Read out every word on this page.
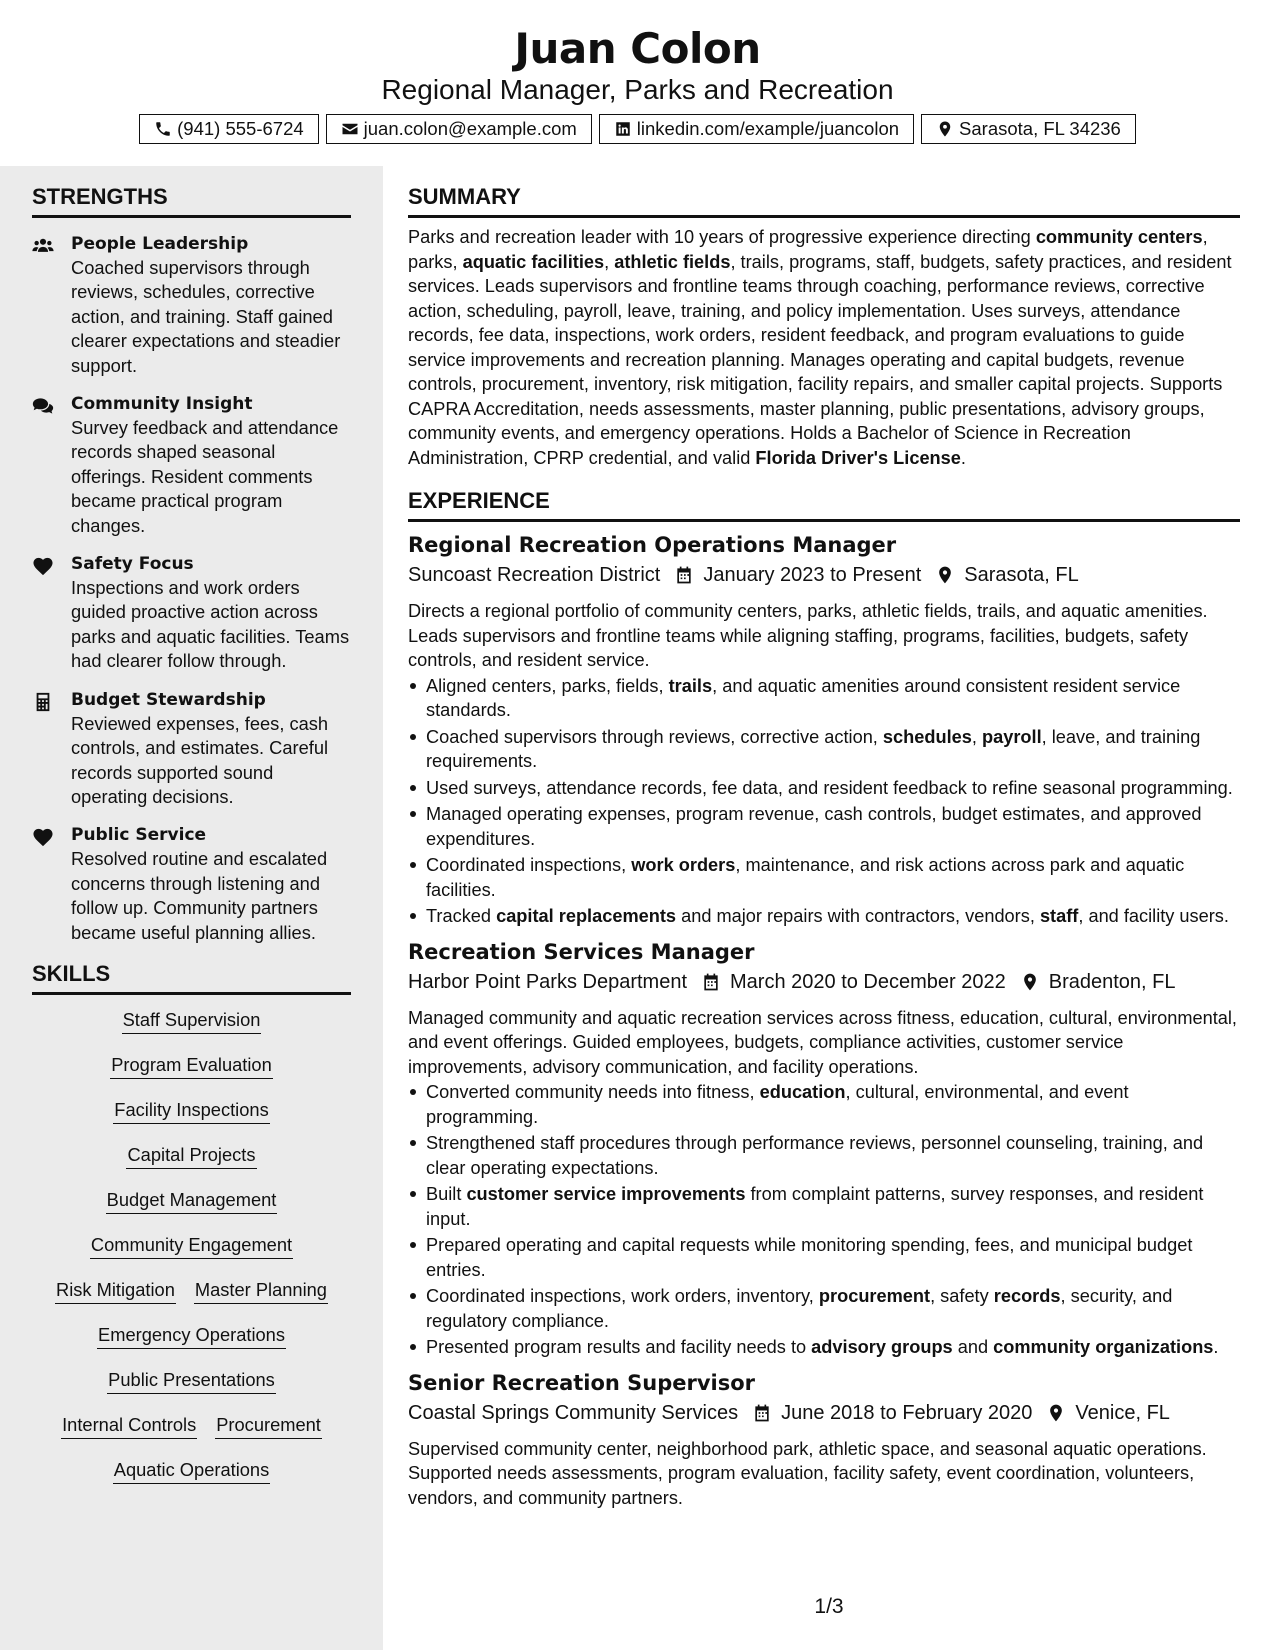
Juan Colon
Regional Manager, Parks and Recreation
(941) 555-6724	juan.colon@example.com	linkedin.com/example/juancolon	Sarasota, FL 34236
STRENGTHS
People Leadership
Coached supervisors through reviews, schedules, corrective action, and training. Staff gained clearer expectations and steadier support.
Community Insight
Survey feedback and attendance records shaped seasonal offerings. Resident comments became practical program changes.
Safety Focus
Inspections and work orders guided proactive action across parks and aquatic facilities. Teams had clearer follow through.
Budget Stewardship
Reviewed expenses, fees, cash controls, and estimates. Careful records supported sound operating decisions.
Public Service
Resolved routine and escalated concerns through listening and follow up. Community partners became useful planning allies.
SKILLS
Staff Supervision
Program Evaluation
Facility Inspections
Capital Projects
Budget Management
Community Engagement
Risk Mitigation Master Planning
Emergency Operations
Public Presentations
Internal Controls Procurement
Aquatic Operations
SUMMARY
Parks and recreation leader with 10 years of progressive experience directing community centers, parks, aquatic facilities, athletic fields, trails, programs, staff, budgets, safety practices, and resident services. Leads supervisors and frontline teams through coaching, performance reviews, corrective action, scheduling, payroll, leave, training, and policy implementation. Uses surveys, attendance records, fee data, inspections, work orders, resident feedback, and program evaluations to guide service improvements and recreation planning. Manages operating and capital budgets, revenue controls, procurement, inventory, risk mitigation, facility repairs, and smaller capital projects. Supports CAPRA Accreditation, needs assessments, master planning, public presentations, advisory groups, community events, and emergency operations. Holds a Bachelor of Science in Recreation Administration, CPRP credential, and valid Florida Driver's License.
EXPERIENCE
Regional Recreation Operations Manager
Suncoast Recreation District January 2023 to Present Sarasota, FL
Directs a regional portfolio of community centers, parks, athletic fields, trails, and aquatic amenities. Leads supervisors and frontline teams while aligning staffing, programs, facilities, budgets, safety controls, and resident service.
Aligned centers, parks, fields, trails, and aquatic amenities around consistent resident service standards.
Coached supervisors through reviews, corrective action, schedules, payroll, leave, and training requirements.
Used surveys, attendance records, fee data, and resident feedback to refine seasonal programming.
Managed operating expenses, program revenue, cash controls, budget estimates, and approved expenditures.
Coordinated inspections, work orders, maintenance, and risk actions across park and aquatic facilities.
Tracked capital replacements and major repairs with contractors, vendors, staff, and facility users.
Recreation Services Manager
Harbor Point Parks Department March 2020 to December 2022 Bradenton, FL
Managed community and aquatic recreation services across fitness, education, cultural, environmental, and event offerings. Guided employees, budgets, compliance activities, customer service improvements, advisory communication, and facility operations.
Converted community needs into fitness, education, cultural, environmental, and event programming.
Strengthened staff procedures through performance reviews, personnel counseling, training, and clear operating expectations.
Built customer service improvements from complaint patterns, survey responses, and resident input.
Prepared operating and capital requests while monitoring spending, fees, and municipal budget entries.
Coordinated inspections, work orders, inventory, procurement, safety records, security, and regulatory compliance.
Presented program results and facility needs to advisory groups and community organizations.
Senior Recreation Supervisor
Coastal Springs Community Services June 2018 to February 2020 Venice, FL
Supervised community center, neighborhood park, athletic space, and seasonal aquatic operations. Supported needs assessments, program evaluation, facility safety, event coordination, volunteers, vendors, and community partners.
1/3
